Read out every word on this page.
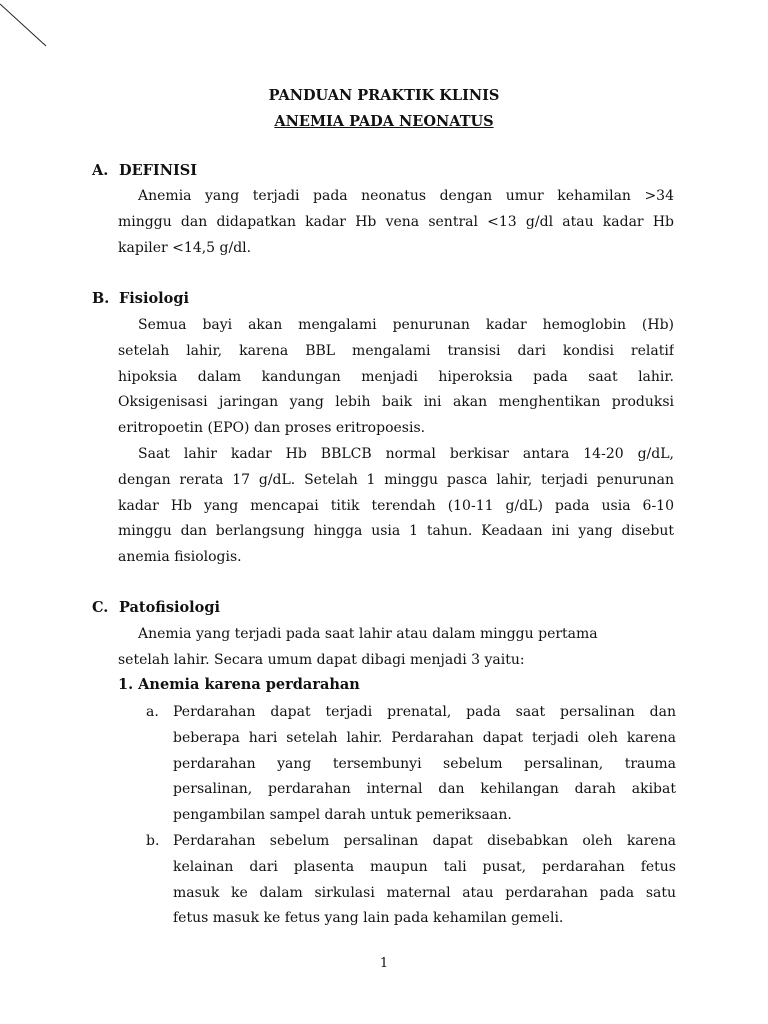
PANDUAN PRAKTIK KLINIS
ANEMIA PADA NEONATUS
A. DEFINISI
Anemia yang terjadi pada neonatus dengan umur kehamilan >34
minggu dan didapatkan kadar Hb vena sentral <13 g/dl atau kadar Hb
kapiler <14,5 g/dl.
B. Fisiologi
Semua bayi akan mengalami penurunan kadar hemoglobin (Hb)
setelah lahir, karena BBL mengalami transisi dari kondisi relatif
hipoksia dalam kandungan menjadi hiperoksia pada saat lahir.
Oksigenisasi jaringan yang lebih baik ini akan menghentikan produksi
eritropoetin (EPO) dan proses eritropoesis.
Saat lahir kadar Hb BBLCB normal berkisar antara 14-20 g/dL,
dengan rerata 17 g/dL. Setelah 1 minggu pasca lahir, terjadi penurunan
kadar Hb yang mencapai titik terendah (10-11 g/dL) pada usia 6-10
minggu dan berlangsung hingga usia 1 tahun. Keadaan ini yang disebut
anemia fisiologis.
C. Patofisiologi
Anemia yang terjadi pada saat lahir atau dalam minggu pertama
setelah lahir. Secara umum dapat dibagi menjadi 3 yaitu:
1. Anemia karena perdarahan
a. Perdarahan dapat terjadi prenatal, pada saat persalinan dan
beberapa hari setelah lahir. Perdarahan dapat terjadi oleh karena
perdarahan yang tersembunyi sebelum persalinan, trauma
persalinan, perdarahan internal dan kehilangan darah akibat
pengambilan sampel darah untuk pemeriksaan.
b. Perdarahan sebelum persalinan dapat disebabkan oleh karena
kelainan dari plasenta maupun tali pusat, perdarahan fetus
masuk ke dalam sirkulasi maternal atau perdarahan pada satu
fetus masuk ke fetus yang lain pada kehamilan gemeli.
1
